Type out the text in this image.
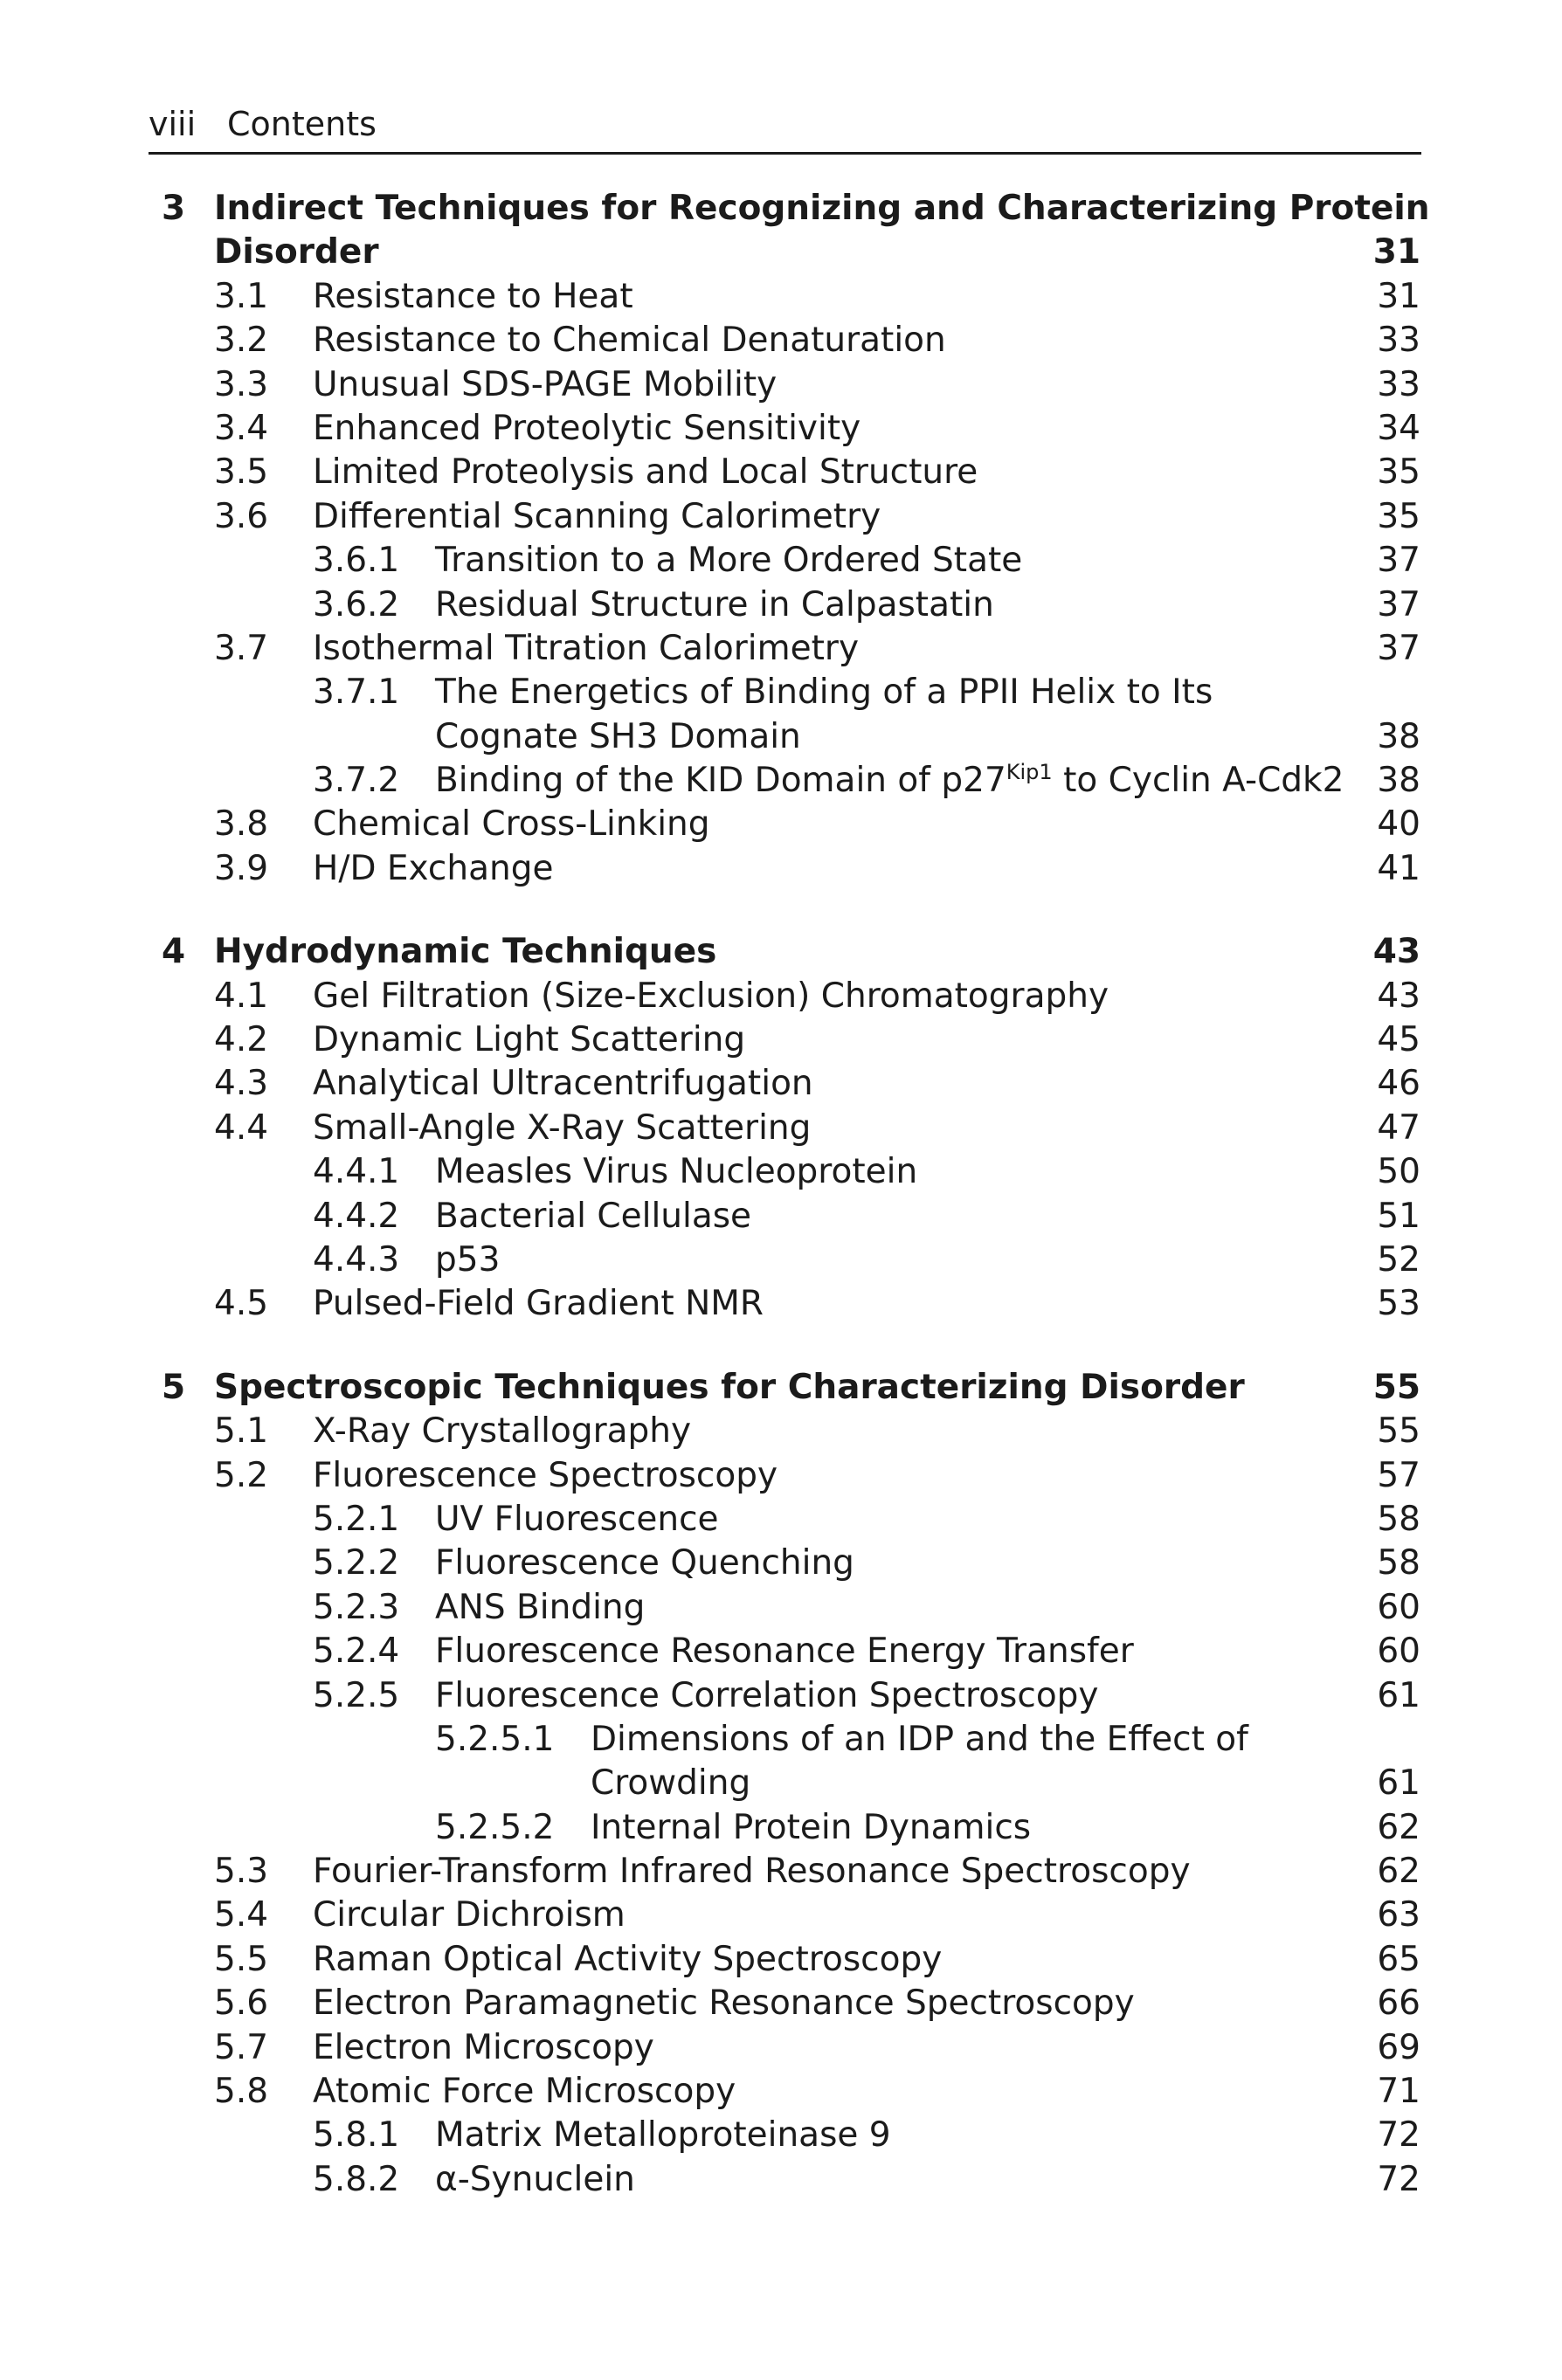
viii Contents
3 Indirect Techniques for Recognizing and Characterizing Protein
Disorder	31
3.1 Resistance to Heat	31
3.2 Resistance to Chemical Denaturation	33
3.3 Unusual SDS-PAGE Mobility	33
3.4 Enhanced Proteolytic Sensitivity	34
3.5 Limited Proteolysis and Local Structure	35
3.6 Differential Scanning Calorimetry	35
3.6.1 Transition to a More Ordered State	37
3.6.2 Residual Structure in Calpastatin	37
3.7 Isothermal Titration Calorimetry	37
3.7.1 The Energetics of Binding of a PPII Helix to Its
Cognate SH3 Domain	38
3.7.2 Binding of the KID Domain of $p27^{Kip1}$ to Cyclin A-Cdk2 38
3.8 Chemical Cross-Linking	40
3.9 H/D Exchange	41
4 Hydrodynamic Techniques	43
4.1 Gel Filtration (Size-Exclusion) Chromatography	43
4.2 Dynamic Light Scattering	45
4.3 Analytical Ultracentrifugation	46
4.4 Small-Angle X-Ray Scattering	47
4.4.1 Measles Virus Nucleoprotein	50
4.4.2 Bacterial Cellulase	51
4.4.3 p53	52
4.5 Pulsed-Field Gradient NMR	53
5 Spectroscopic Techniques for Characterizing Disorder	55
5.1 X-Ray Crystallography	55
5.2 Fluorescence Spectroscopy	57
5.2.1 UV Fluorescence	58
5.2.2 Fluorescence Quenching	58
5.2.3 ANS Binding	60
5.2.4 Fluorescence Resonance Energy Transfer	60
5.2.5 Fluorescence Correlation Spectroscopy	61
5.2.5.1 Dimensions of an IDP and the Effect of
Crowding	61
5.2.5.2 Internal Protein Dynamics	62
5.3 Fourier-Transform Infrared Resonance Spectroscopy	62
5.4 Circular Dichroism	63
5.5 Raman Optical Activity Spectroscopy	65
5.6 Electron Paramagnetic Resonance Spectroscopy	66
5.7 Electron Microscopy	69
5.8 Atomic Force Microscopy	71
5.8.1 Matrix Metalloproteinase 9	72
5.8.2 α-Synuclein	72
